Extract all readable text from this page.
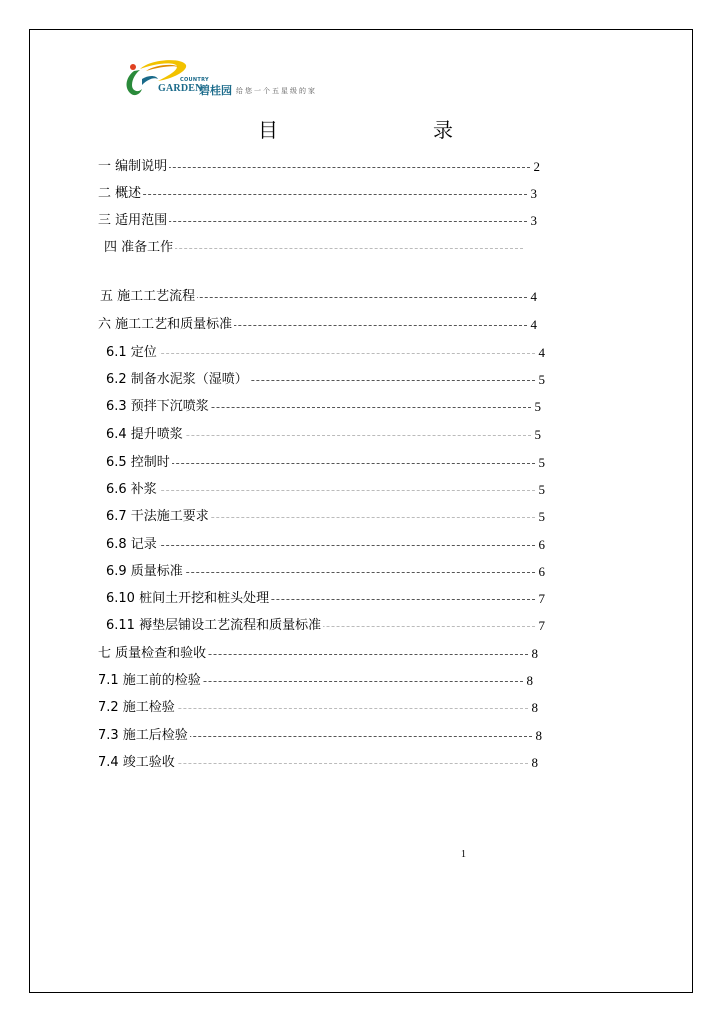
COUNTRY
GARDEN
碧桂园 给您一个五星级的家
目	录
一 编制说明	2
二 概述	3
三 适用范围	3
四 准备工作
五 施工工艺流程	4
六 施工工艺和质量标准	4
6.1 定位	4
6.2 制备水泥浆（湿喷）	5
6.3 预拌下沉喷浆	5
6.4 提升喷浆	5
6.5 控制时	5
6.6 补浆	5
6.7 干法施工要求	5
6.8 记录	6
6.9 质量标准	6
6.10 桩间土开挖和桩头处理	7
6.11 褥垫层铺设工艺流程和质量标准	7
七 质量检查和验收	8
7.1 施工前的检验	8
7.2 施工检验	8
7.3 施工后检验	8
7.4 竣工验收	8
1
